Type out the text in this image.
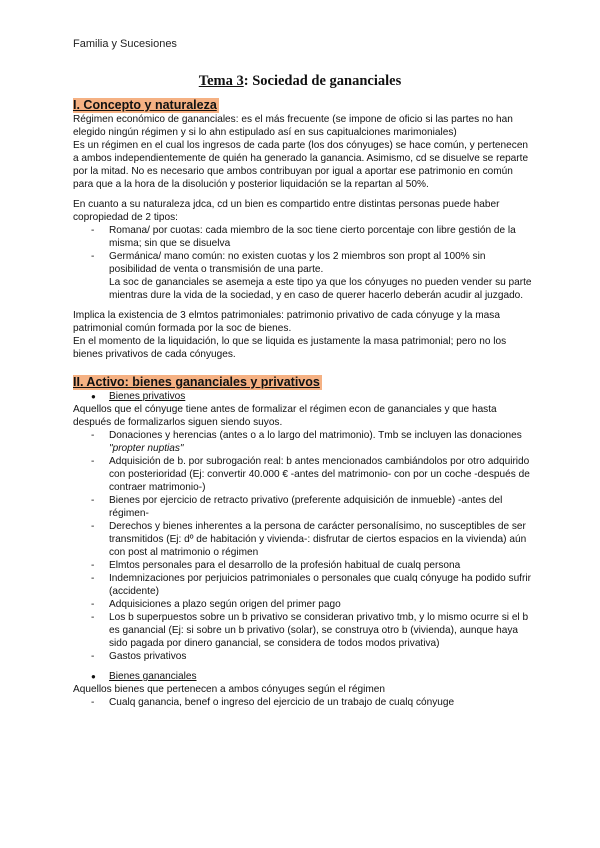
Familia y Sucesiones
Tema 3: Sociedad de gananciales
I. Concepto y naturaleza

Régimen económico de gananciales: es el más frecuente (se impone de oficio si las partes no han elegido ningún régimen y si lo ahn estipulado así en sus capitualciones marimoniales)

Es un régimen en el cual los ingresos de cada parte (los dos cónyuges) se hace común, y pertenecen a ambos independientemente de quién ha generado la ganancia. Asimismo, cd se disuelve se reparte por la mitad. No es necesario que ambos contribuyan por igual a aportar ese patrimonio en común para que a la hora de la disolución y posterior liquidación se la repartan al 50%.

En cuanto a su naturaleza jdca, cd un bien es compartido entre distintas personas puede haber copropiedad de 2 tipos:

- Romana/ por cuotas: cada miembro de la soc tiene cierto porcentaje con libre gestión de la misma; sin que se disuelva
- Germánica/ mano común: no existen cuotas y los 2 miembros son propt al 100% sin posibilidad de venta o transmisión de una parte.
La soc de gananciales se asemeja a este tipo ya que los cónyuges no pueden vender su parte mientras dure la vida de la sociedad, y en caso de querer hacerlo deberán acudir al juzgado.

Implica la existencia de 3 elmtos patrimoniales: patrimonio privativo de cada cónyuge y la masa patrimonial común formada por la soc de bienes.

En el momento de la liquidación, lo que se liquida es justamente la masa patrimonial; pero no los bienes privativos de cada cónyuges.

II. Activo: bienes gananciales y privativos
● Bienes privativos

Aquellos que el cónyuge tiene antes de formalizar el régimen econ de gananciales y que hasta después de formalizarlos siguen siendo suyos.

- Donaciones y herencias (antes o a lo largo del matrimonio). Tmb se incluyen las donaciones "propter nuptias"
- Adquisición de b. por subrogación real: b antes mencionados cambiándolos por otro adquirido con posterioridad (Ej: convertir 40.000 € -antes del matrimonio- con por un coche -después de contraer matrimonio-)
- Bienes por ejercicio de retracto privativo (preferente adquisición de inmueble) -antes del régimen-
- Derechos y bienes inherentes a la persona de carácter personalísimo, no susceptibles de ser transmitidos (Ej: dº de habitación y vivienda-: disfrutar de ciertos espacios en la vivienda) aún con post al matrimonio o régimen
- Elmtos personales para el desarrollo de la profesión habitual de cualq persona
- Indemnizaciones por perjuicios patrimoniales o personales que cualq cónyuge ha podido sufrir (accidente)
- Adquisiciones a plazo según origen del primer pago
- Los b superpuestos sobre un b privativo se consideran privativo tmb, y lo mismo ocurre si el b es ganancial (Ej: si sobre un b privativo (solar), se construya otro b (vivienda), aunque haya sido pagada por dinero ganancial, se considera de todos modos privativa)
- Gastos privativos
● Bienes gananciales

Aquellos bienes que pertenecen a ambos cónyuges según el régimen

- Cualq ganancia, benef o ingreso del ejercicio de un trabajo de cualq cónyuge
